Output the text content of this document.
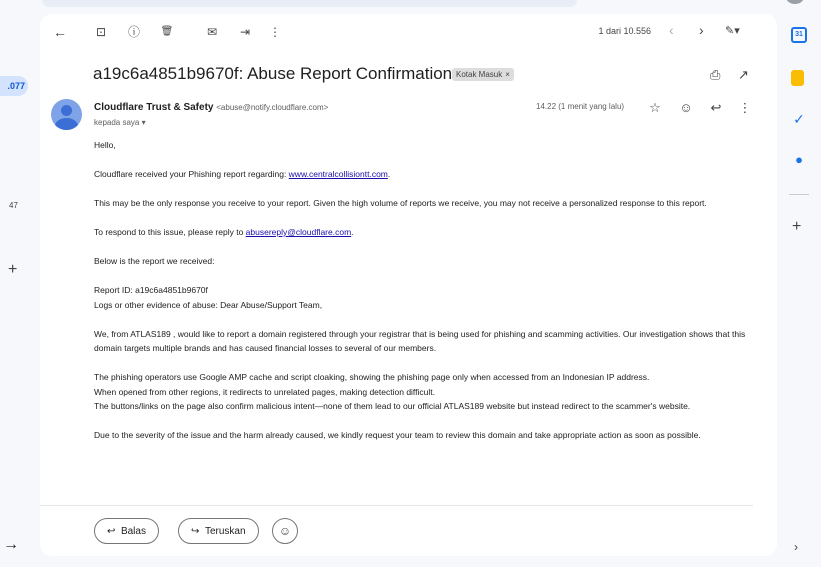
.077
47
+
→
←	⊡	ⓘ	🗑	✉	⇥	⋮	1 dari 10.556 ‹ › ✎▾
a19c6a4851b9670f: Abuse Report Confirmation Kotak Masuk ×	⎙ ↗
Cloudflare Trust & Safety <abuse@notify.cloudflare.com>
kepada saya ▾
14.22 (1 menit yang lalu) ☆ ☺ ↩ ⋮

Hello,

Cloudflare received your Phishing report regarding: www.centralcollisiontt.com.

This may be the only response you receive to your report. Given the high volume of reports we receive, you may not receive a personalized response to this report.

To respond to this issue, please reply to abusereply@cloudflare.com.

Below is the report we received:

Report ID: a19c6a4851b9670f
Logs or other evidence of abuse: Dear Abuse/Support Team,

We, from ATLAS189 , would like to report a domain registered through your registrar that is being used for phishing and scamming activities. Our investigation shows that this domain targets multiple brands and has caused financial losses to several of our members.

The phishing operators use Google AMP cache and script cloaking, showing the phishing page only when accessed from an Indonesian IP address.
When opened from other regions, it redirects to unrelated pages, making detection difficult.
The buttons/links on the page also confirm malicious intent—none of them lead to our official ATLAS189 website but instead redirect to the scammer's website.

Due to the severity of the issue and the harm already caused, we kindly request your team to review this domain and take appropriate action as soon as possible.

↩ Balas	↪ Teruskan	☺
31
✓
●
+
›
